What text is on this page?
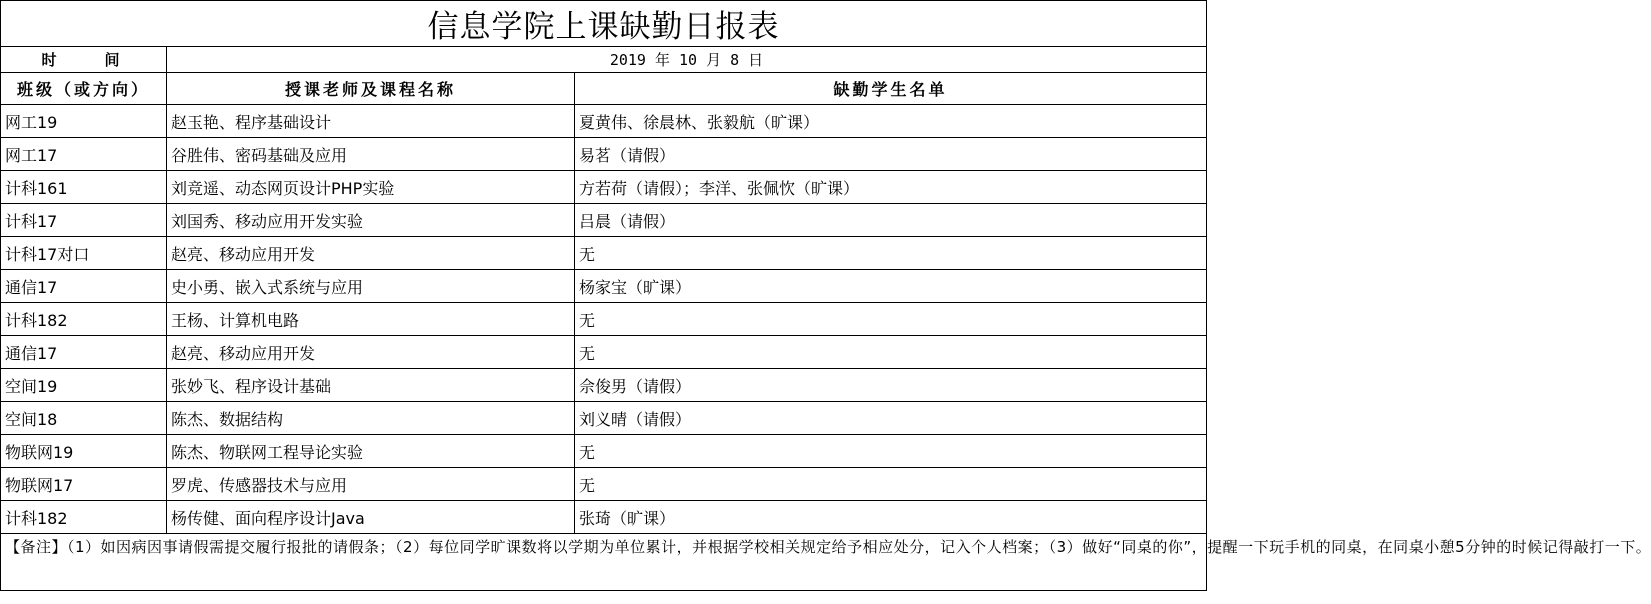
信息学院上课缺勤日报表		
时　　间	2019 年 10 月 8 日	
班级（或方向）	授课老师及课程名称	缺勤学生名单
网工19	赵玉艳、程序基础设计	夏黄伟、徐晨林、张毅航（旷课）
网工17	谷胜伟、密码基础及应用	易茗（请假）
计科161	刘竞遥、动态网页设计PHP实验	方若荷（请假）；李洋、张佩忺（旷课）
计科17	刘国秀、移动应用开发实验	吕晨（请假）
计科17对口	赵亮、移动应用开发	无
通信17	史小勇、嵌入式系统与应用	杨家宝（旷课）
计科182	王杨、计算机电路	无
通信17	赵亮、移动应用开发	无
空间19	张妙飞、程序设计基础	佘俊男（请假）
空间18	陈杰、数据结构	刘义晴（请假）
物联网19	陈杰、物联网工程导论实验	无
物联网17	罗虎、传感器技术与应用	无
计科182	杨传健、面向程序设计Java	张琦（旷课）
【备注】（1）如因病因事请假需提交履行报批的请假条；（2）每位同学旷课数将以学期为单位累计，并根据学校相关规定给予相应处分，记入个人档案；（3）做好“同桌的你”，提醒一下玩手机的同桌，在同桌小憩5分钟的时候记得敲打一下。		
